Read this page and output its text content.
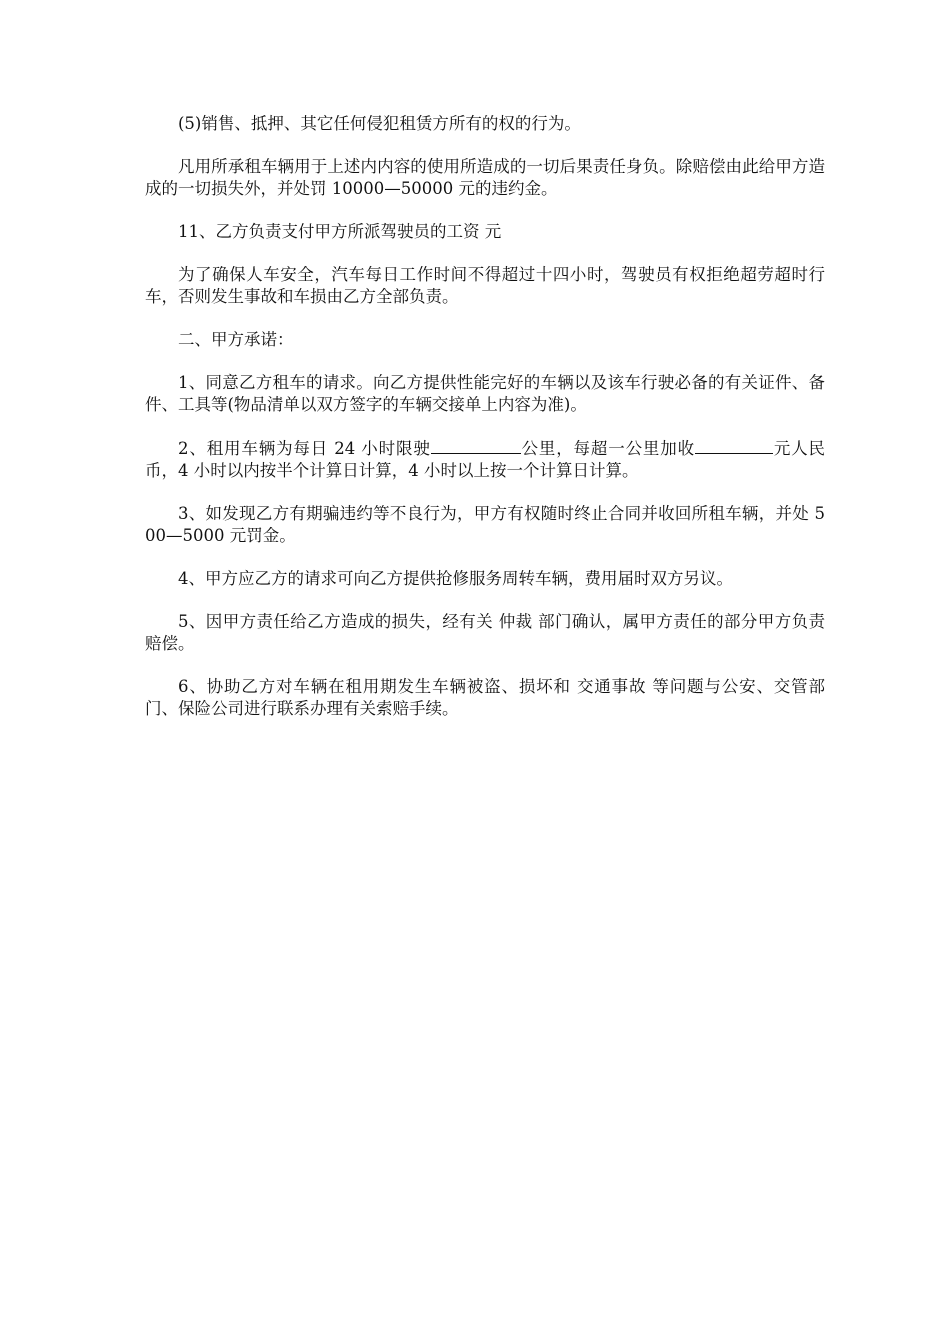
(5)销售、抵押、其它任何侵犯租赁方所有的权的行为。

凡用所承租车辆用于上述内内容的使用所造成的一切后果责任身负。除赔偿由此给甲方造成的一切损失外，并处罚 10000—50000 元的违约金。

11、乙方负责支付甲方所派驾驶员的工资 元

为了确保人车安全，汽车每日工作时间不得超过十四小时，驾驶员有权拒绝超劳超时行车，否则发生事故和车损由乙方全部负责。

二、甲方承诺：

1、同意乙方租车的请求。向乙方提供性能完好的车辆以及该车行驶必备的有关证件、备件、工具等(物品清单以双方签字的车辆交接单上内容为准)。

2、租用车辆为每日 24 小时限驶	公里，每超一公里加收	元人民币，4 小时以内按半个计算日计算，4 小时以上按一个计算日计算。

3、如发现乙方有期骗违约等不良行为，甲方有权随时终止合同并收回所租车辆，并处 500—5000 元罚金。

4、甲方应乙方的请求可向乙方提供抢修服务周转车辆，费用届时双方另议。

5、因甲方责任给乙方造成的损失，经有关 仲裁 部门确认，属甲方责任的部分甲方负责赔偿。

6、协助乙方对车辆在租用期发生车辆被盗、损坏和 交通事故 等问题与公安、交管部门、保险公司进行联系办理有关索赔手续。
